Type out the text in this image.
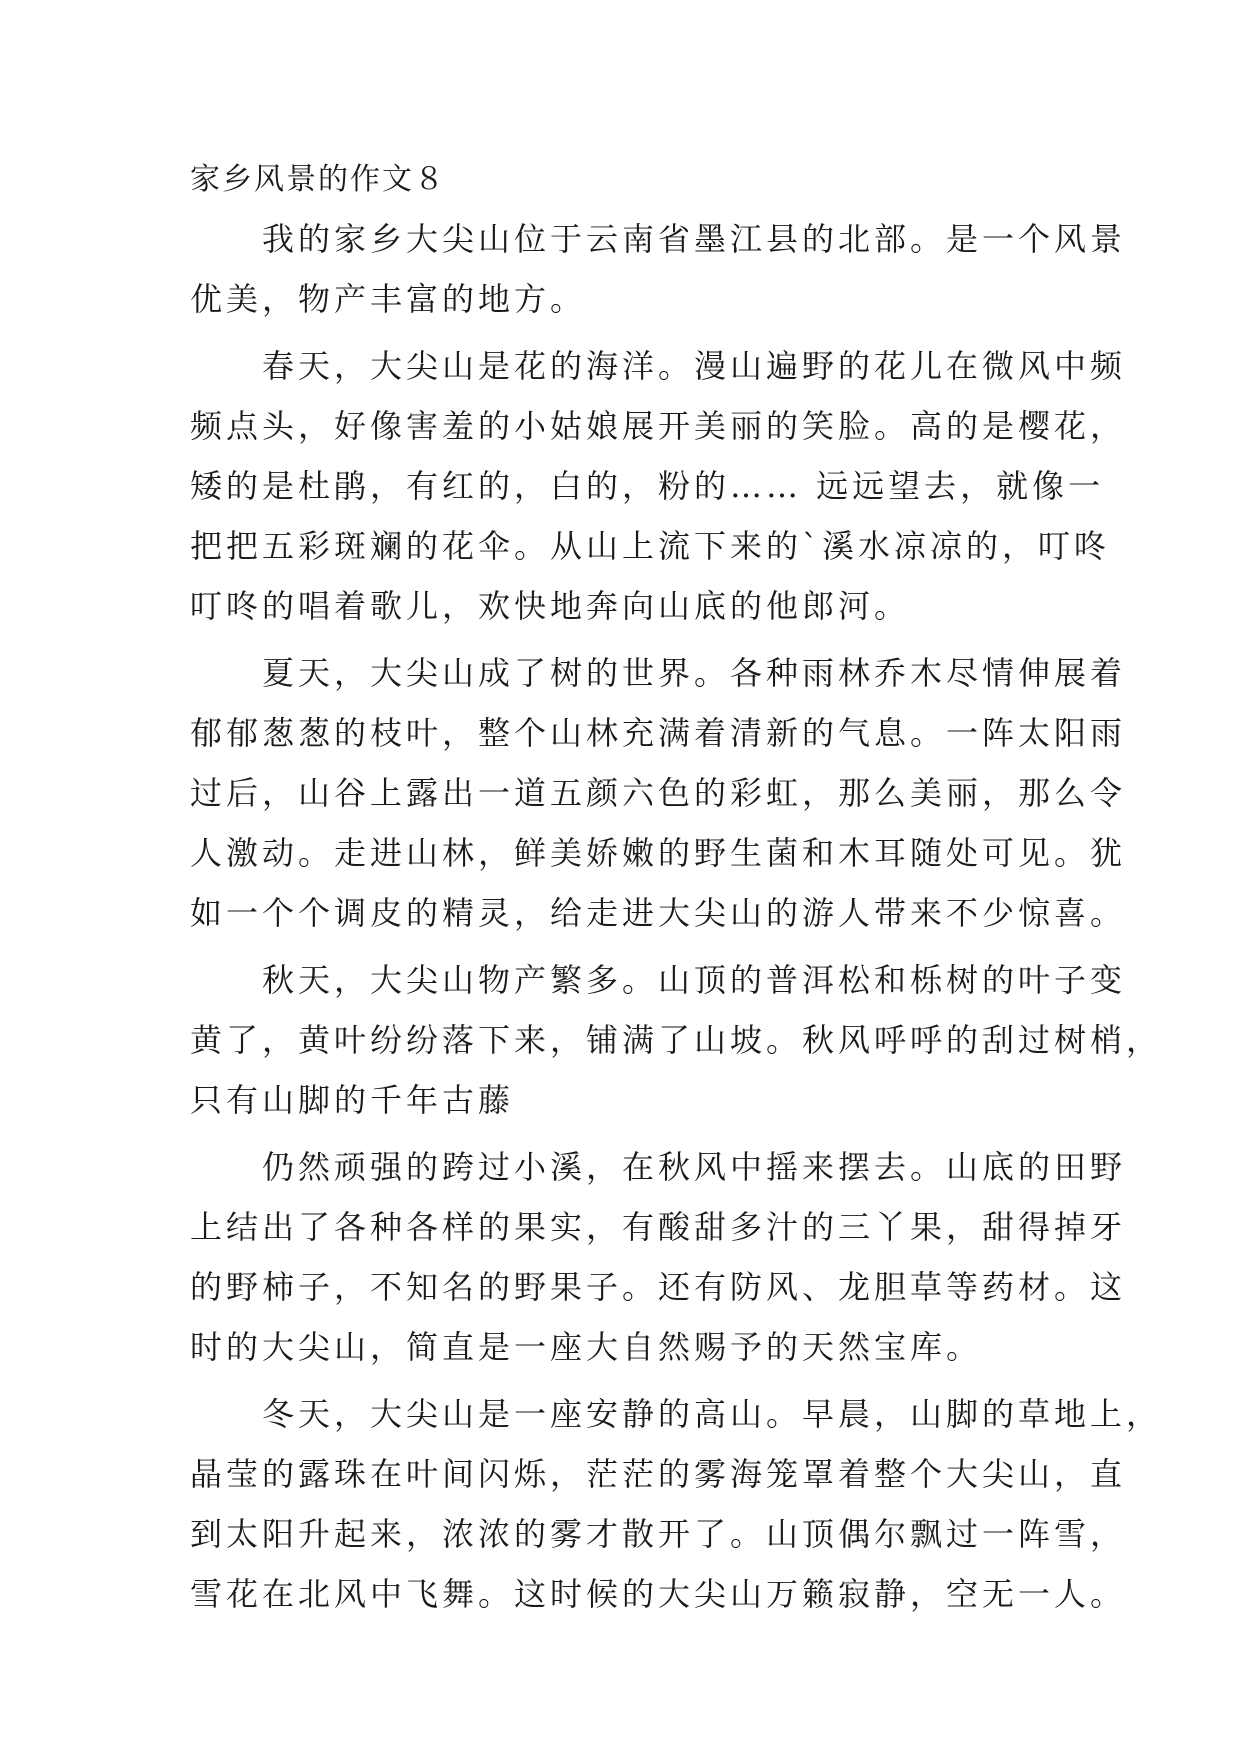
家乡风景的作文８
　　我的家乡大尖山位于云南省墨江县的北部。是一个风景
优美，物产丰富的地方。
　　春天，大尖山是花的海洋。漫山遍野的花儿在微风中频
频点头，好像害羞的小姑娘展开美丽的笑脸。高的是樱花，
矮的是杜鹃，有红的，白的，粉的…… 远远望去，就像一
把把五彩斑斓的花伞。从山上流下来的`溪水凉凉的，叮咚
叮咚的唱着歌儿，欢快地奔向山底的他郎河。
　　夏天，大尖山成了树的世界。各种雨林乔木尽情伸展着
郁郁葱葱的枝叶，整个山林充满着清新的气息。一阵太阳雨
过后，山谷上露出一道五颜六色的彩虹，那么美丽，那么令
人激动。走进山林，鲜美娇嫩的野生菌和木耳随处可见。犹
如一个个调皮的精灵，给走进大尖山的游人带来不少惊喜。
　　秋天，大尖山物产繁多。山顶的普洱松和栎树的叶子变
黄了，黄叶纷纷落下来，铺满了山坡。秋风呼呼的刮过树梢，
只有山脚的千年古藤
　　仍然顽强的跨过小溪，在秋风中摇来摆去。山底的田野
上结出了各种各样的果实，有酸甜多汁的三丫果，甜得掉牙
的野柿子，不知名的野果子。还有防风、龙胆草等药材。这
时的大尖山，简直是一座大自然赐予的天然宝库。
　　冬天，大尖山是一座安静的高山。早晨，山脚的草地上，
晶莹的露珠在叶间闪烁，茫茫的雾海笼罩着整个大尖山，直
到太阳升起来，浓浓的雾才散开了。山顶偶尔飘过一阵雪，
雪花在北风中飞舞。这时候的大尖山万籁寂静，空无一人。
